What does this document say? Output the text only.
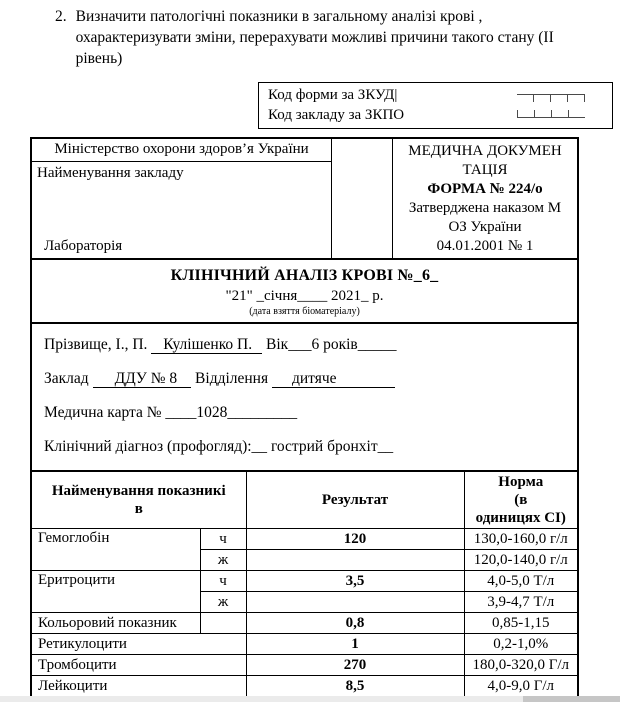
2. Визначити патологічні показники в загальному аналізі крові ,
охарактеризувати зміни, перерахувати можливі причини такого стану (ІІ
рівень)
Код форми за ЗКУД|
Код закладу за ЗКПО
Міністерство охорони здоров’я України
Найменування закладу
Лабораторія
МЕДИЧНА ДОКУМЕН
ТАЦІЯ
ФОРМА № 224/о
Затверджена наказом М
ОЗ України
04.01.2001 № 1
КЛІНІЧНИЙ АНАЛІЗ КРОВІ №_6_
"21" _січня____ 2021_ р.
(дата взяття біоматеріалу)
Прізвище, І., П. Кулішенко П. Вік___6 років_____
Заклад ДДУ № 8 Відділення дитяче
Медична карта № ____1028_________
Клінічний діагноз (профогляд):__ гострий бронхіт__
Найменування показникі
в		Результат	Норма
(в
одиницях СІ)

Гемоглобін	ч	120	130,0-160,0 г/л
	ж		120,0-140,0 г/л
Еритроцити	ч	3,5	4,0-5,0 Т/л
	ж		3,9-4,7 Т/л
Кольоровий показник		0,8	0,85-1,15
Ретикулоцити		1	0,2-1,0%
Тромбоцити		270	180,0-320,0 Г/л
Лейкоцити		8,5	4,0-9,0 Г/л
